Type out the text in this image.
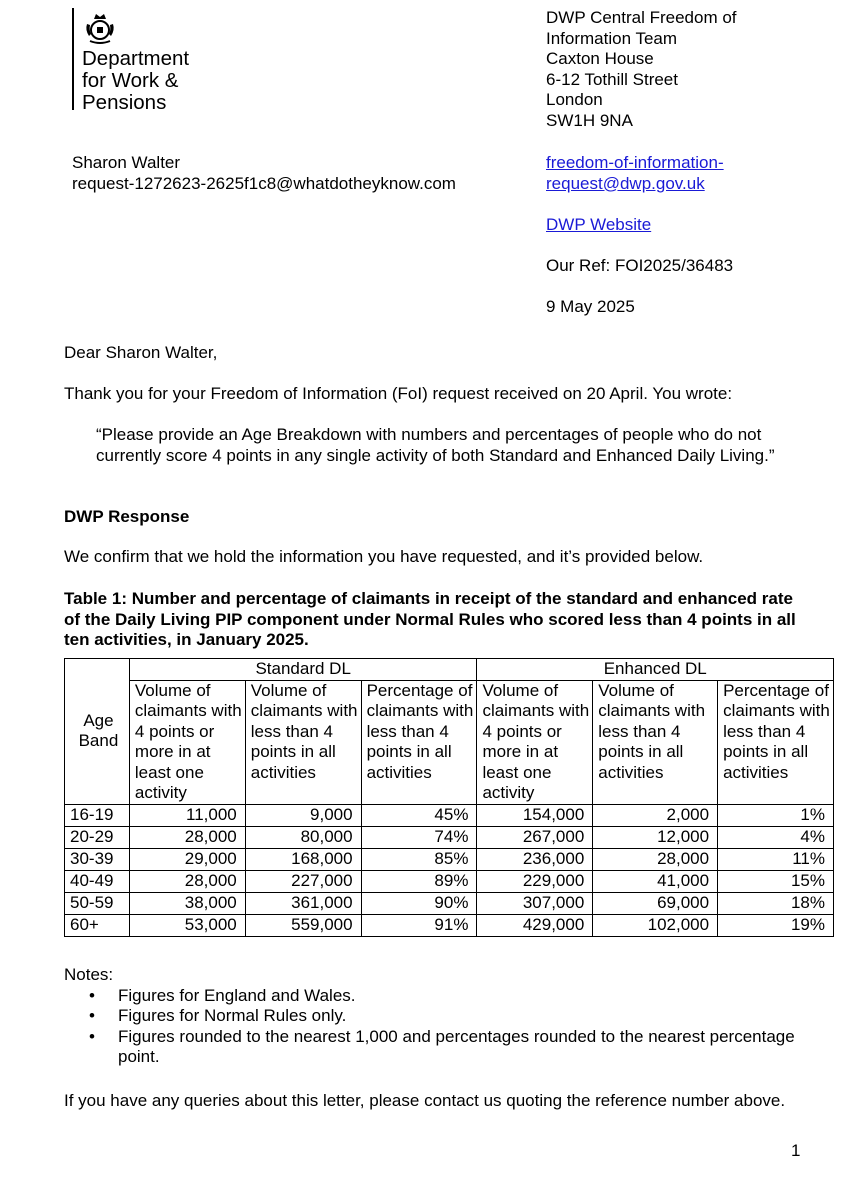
Department
for Work &
Pensions
DWP Central Freedom of
Information Team
Caxton House
6-12 Tothill Street
London
SW1H 9NA
Sharon Walter
request-1272623-2625f1c8@whatdotheyknow.com
freedom-of-information-
request@dwp.gov.uk
DWP Website
Our Ref: FOI2025/36483
9 May 2025
Dear Sharon Walter,
Thank you for your Freedom of Information (FoI) request received on 20 April. You wrote:
“Please provide an Age Breakdown with numbers and percentages of people who do not currently score 4 points in any single activity of both Standard and Enhanced Daily Living.”
DWP Response
We confirm that we hold the information you have requested, and it’s provided below.
Table 1: Number and percentage of claimants in receipt of the standard and enhanced rate of the Daily Living PIP component under Normal Rules who scored less than 4 points in all ten activities, in January 2025.
Age Band	Standard DL			Enhanced DL		
	Volume of claimants with 4 points or more in at least one activity	Volume of claimants with less than 4 points in all activities	Percentage of claimants with less than 4 points in all activities	Volume of claimants with 4 points or more in at least one activity	Volume of claimants with less than 4 points in all activities	Percentage of claimants with less than 4 points in all activities
16-19	11,000	9,000	45%	154,000	2,000	1%
20-29	28,000	80,000	74%	267,000	12,000	4%
30-39	29,000	168,000	85%	236,000	28,000	11%
40-49	28,000	227,000	89%	229,000	41,000	15%
50-59	38,000	361,000	90%	307,000	69,000	18%
60+	53,000	559,000	91%	429,000	102,000	19%
Notes:
• Figures for England and Wales.
• Figures for Normal Rules only.
• Figures rounded to the nearest 1,000 and percentages rounded to the nearest percentage point.
If you have any queries about this letter, please contact us quoting the reference number above.
1
